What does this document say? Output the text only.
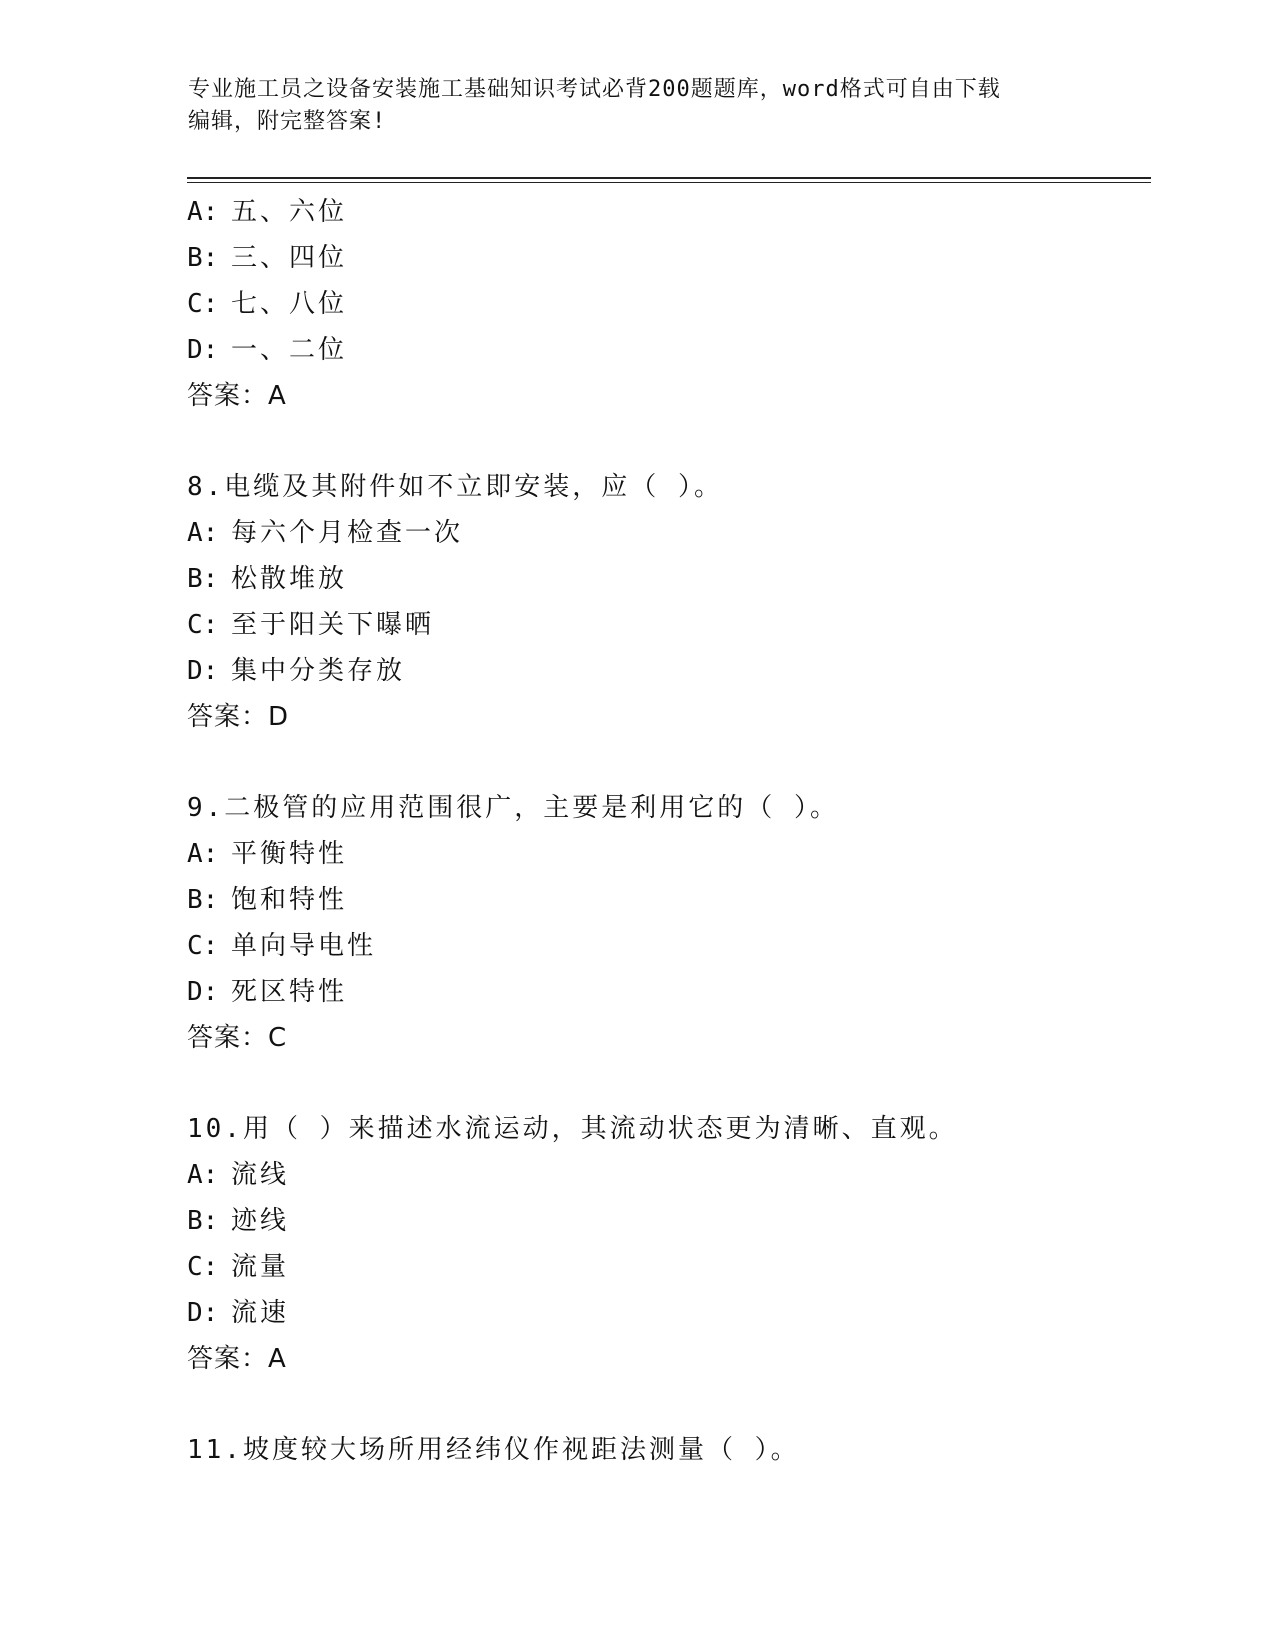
专业施工员之设备安装施工基础知识考试必背200题题库，word格式可自由下载
编辑，附完整答案!
A: 五、六位
B: 三、四位
C: 七、八位
D: 一、二位
答案：A
8.电缆及其附件如不立即安装，应（ ）。
A: 每六个月检查一次
B: 松散堆放
C: 至于阳关下曝晒
D: 集中分类存放
答案：D
9.二极管的应用范围很广，主要是利用它的（ ）。
A: 平衡特性
B: 饱和特性
C: 单向导电性
D: 死区特性
答案：C
10.用（ ）来描述水流运动，其流动状态更为清晰、直观。
A: 流线
B: 迹线
C: 流量
D: 流速
答案：A
11.坡度较大场所用经纬仪作视距法测量（ ）。
